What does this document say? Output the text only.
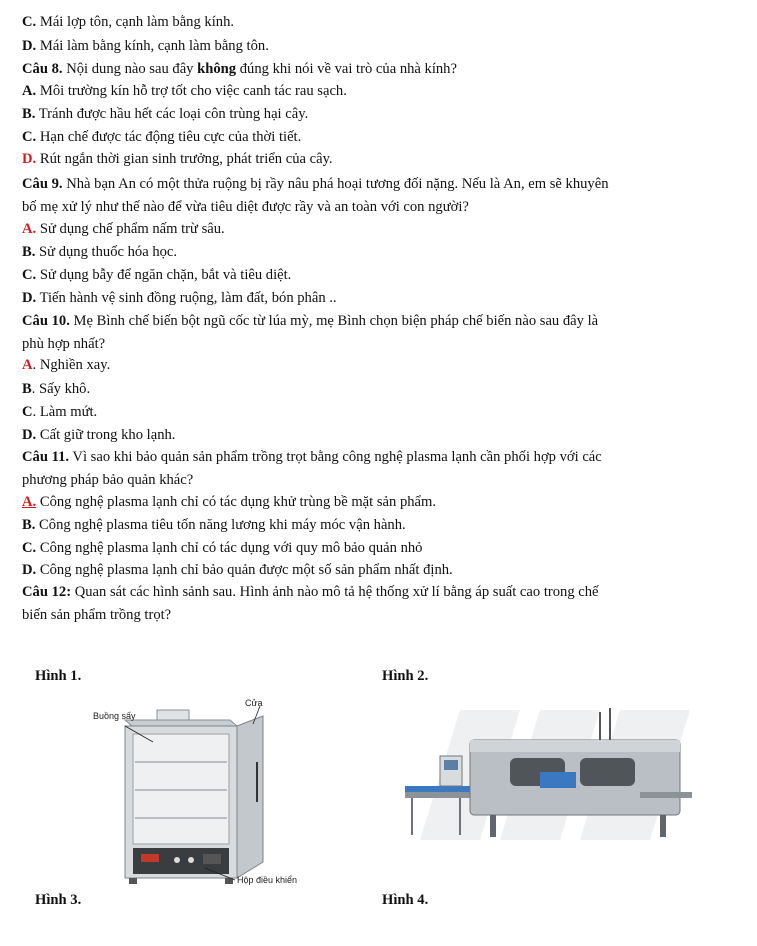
C. Mái lợp tôn, cạnh làm bằng kính.
D. Mái làm bằng kính, cạnh làm bằng tôn.
Câu 8. Nội dung nào sau đây không đúng khi nói về vai trò của nhà kính?
A. Môi trường kín hỗ trợ tốt cho việc canh tác rau sạch.
B. Tránh được hầu hết các loại côn trùng hại cây.
C. Hạn chế được tác động tiêu cực của thời tiết.
D. Rút ngắn thời gian sinh trưởng, phát triển của cây.
Câu 9. Nhà bạn An có một thửa ruộng bị rầy nâu phá hoại tương đối nặng. Nếu là An, em sẽ khuyên
bố mẹ xử lý như thế nào để vừa tiêu diệt được rầy và an toàn với con người?
A. Sử dụng chế phẩm nấm trừ sâu.
B. Sử dụng thuốc hóa học.
C. Sử dụng bẫy để ngăn chặn, bắt và tiêu diệt.
D. Tiến hành vệ sinh đồng ruộng, làm đất, bón phân ..
Câu 10. Mẹ Bình chế biến bột ngũ cốc từ lúa mỳ, mẹ Bình chọn biện pháp chế biến nào sau đây là
phù hợp nhất?
A. Nghiền xay.
B. Sấy khô.
C. Làm mứt.
D. Cất giữ trong kho lạnh.
Câu 11. Vì sao khi bảo quản sản phẩm trồng trọt bằng công nghệ plasma lạnh cần phối hợp với các
phương pháp bảo quản khác?
A. Công nghệ plasma lạnh chỉ có tác dụng khử trùng bề mặt sản phẩm.
B. Công nghệ plasma tiêu tốn năng lương khi máy móc vận hành.
C. Công nghệ plasma lạnh chỉ có tác dụng với quy mô bảo quản nhỏ
D. Công nghệ plasma lạnh chỉ bảo quản được một số sản phẩm nhất định.
Câu 12: Quan sát các hình sảnh sau. Hình ảnh nào mô tả hệ thống xử lí bằng áp suất cao trong chế
biến sản phẩm trồng trọt?
Hình 1.	Hình 2.
Buồng sấy
Cửa
Hộp điều khiển
Hình 3.	Hình 4.
